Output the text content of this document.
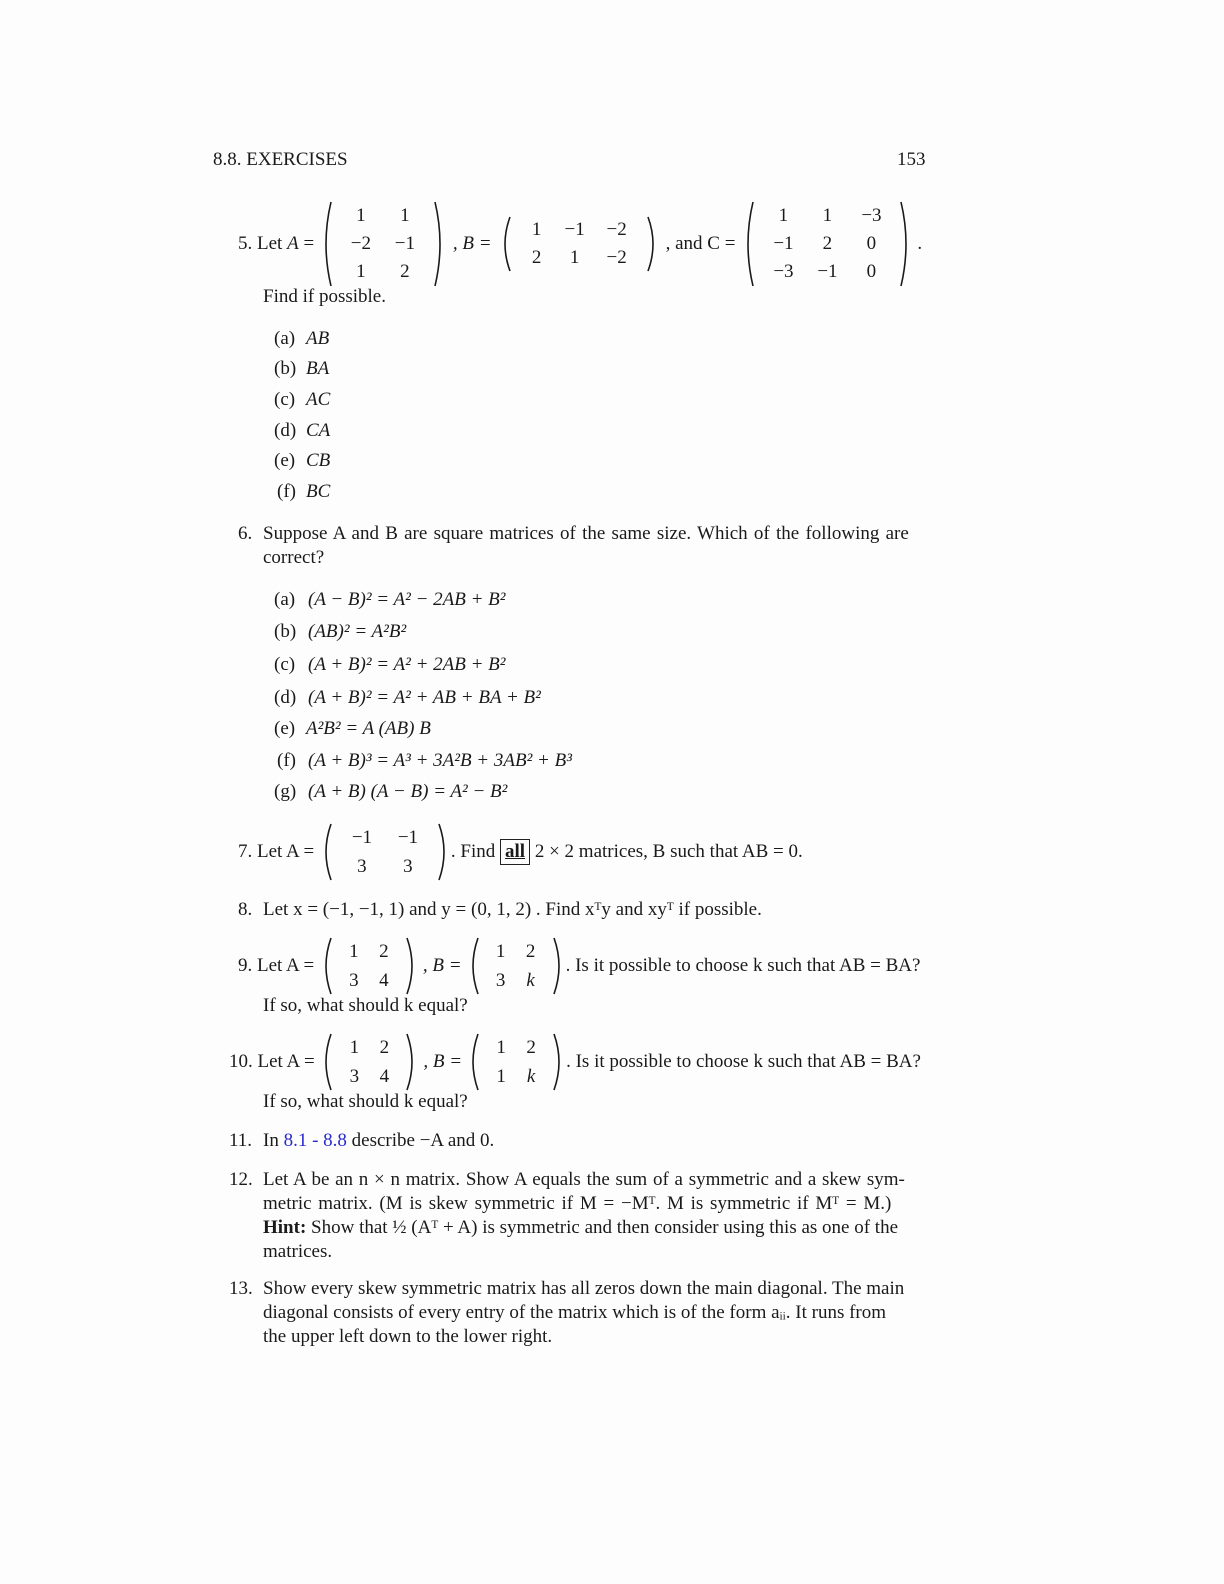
8.8. EXERCISES	153
5.
Let
A
=

1	1
−2	−1
1	2
, B =
1	−1	−2
2	1	−2
, and C =
1	1	−3
−1	2	0
−3	−1	0
.
Find if possible.
(a) AB
(b) BA
(c) AC
(d) CA
(e) CB
(f) BC
6. Suppose A and B are square matrices of the same size. Which of the following are
correct?
(a) (A − B)² = A² − 2AB + B²
(b) (AB)² = A²B²
(c) (A + B)² = A² + 2AB + B²
(d) (A + B)² = A² + AB + BA + B²
(e) A²B² = A (AB) B
(f) (A + B)³ = A³ + 3A²B + 3AB² + B³
(g) (A + B) (A − B) = A² − B²
7.
Let A =

−1	−1
3	3
. Find
all
2 × 2 matrices, B such that AB = 0.
8. Let x = (−1, −1, 1) and y = (0, 1, 2) . Find xᵀy and xyᵀ if possible.
9.
Let A =

1	2
3	4
, B =
1	2
3	k
. Is it possible to choose k such that AB = BA?
If so, what should k equal?
10.
Let A =

1	2
3	4
, B =
1	2
1	k
. Is it possible to choose k such that AB = BA?
If so, what should k equal?
11. In 8.1 - 8.8 describe −A and 0.
12. Let A be an n × n matrix. Show A equals the sum of a symmetric and a skew sym-
metric matrix. (M is skew symmetric if M = −Mᵀ. M is symmetric if Mᵀ = M.)
Hint: Show that ½ (Aᵀ + A) is symmetric and then consider using this as one of the
matrices.
13. Show every skew symmetric matrix has all zeros down the main diagonal. The main
diagonal consists of every entry of the matrix which is of the form aᵢᵢ. It runs from
the upper left down to the lower right.
